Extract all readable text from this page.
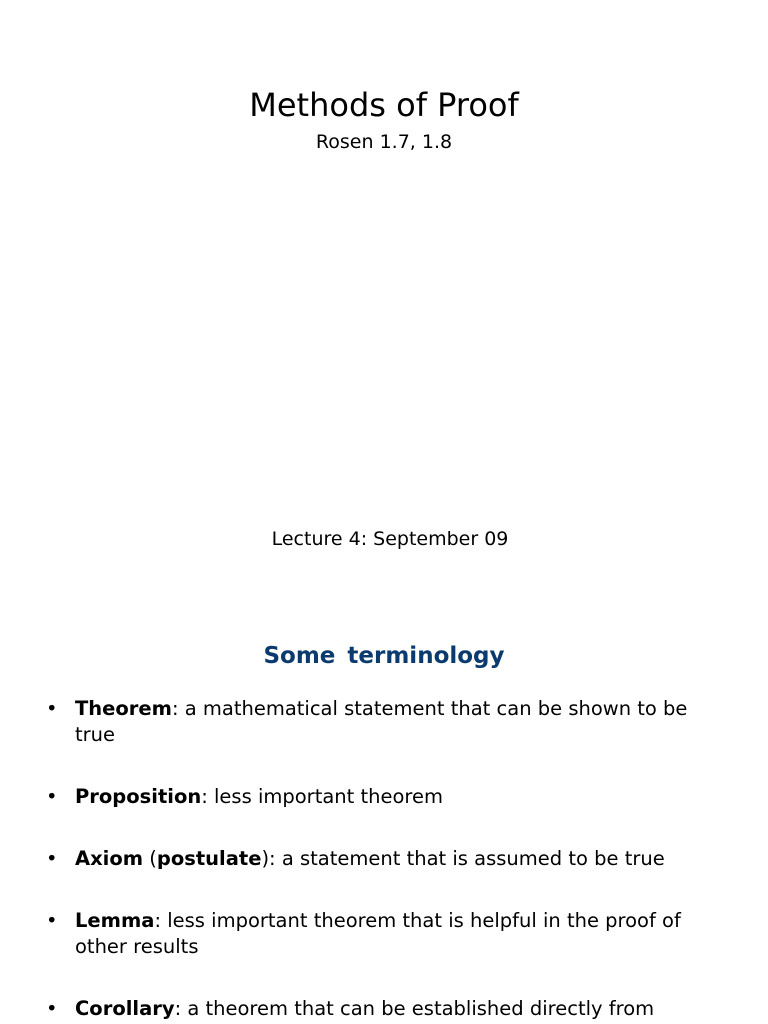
Methods of Proof
Rosen 1.7, 1.8
Lecture 4: September 09
Some terminology
• Theorem: a mathematical statement that can be shown to be true
• Proposition: less important theorem
• Axiom (postulate): a statement that is assumed to be true
• Lemma: less important theorem that is helpful in the proof of other results
• Corollary: a theorem that can be established directly from
